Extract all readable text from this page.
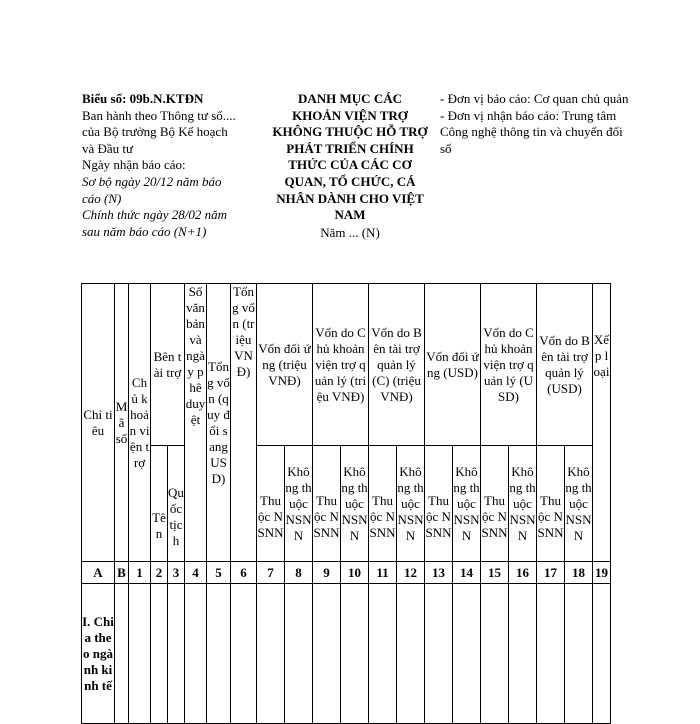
Biểu số: 09b.N.KTĐN
Ban hành theo Thông tư số....
của Bộ trưởng Bộ Kế hoạch
và Đầu tư
Ngày nhận báo cáo:
Sơ bộ ngày 20/12 năm báo
cáo (N)
Chính thức ngày 28/02 năm
sau năm báo cáo (N+1)
DANH MỤC CÁC
KHOẢN VIỆN TRỢ
KHÔNG THUỘC HỖ TRỢ
PHÁT TRIỂN CHÍNH
THỨC CỦA CÁC CƠ
QUAN, TỔ CHỨC, CÁ
NHÂN DÀNH CHO VIỆT
NAM
Năm ... (N)
- Đơn vị báo cáo: Cơ quan chủ quản
- Đơn vị nhận báo cáo: Trung tâm Công nghệ thông tin và chuyển đổi số
Chỉ tiêu	Mã số	Chủ khoản viện trợ	Bên tài trợ		Số văn bản và ngày phê duyệt	Tổng vốn (quy đổi sang USD)	Tổng vốn (triệu VNĐ)	Vốn đối ứng (triệu VNĐ)		Vốn do Chủ khoản viện trợ quản lý (triệu VNĐ)		Vốn do Bên tài trợ quản lý (C) (triệu VNĐ)		Vốn đối ứng (USD)		Vốn do Chủ khoản viện trợ quản lý (USD)		Vốn do Bên tài trợ quản lý (USD)		Xếp loại
			Tên	Quốc tịch				Thuộc NSNN	Không thuộc NSNN	Thuộc NSNN	Không thuộc NSNN	Thuộc NSNN	Không thuộc NSNN	Thuộc NSNN	Không thuộc NSNN	Thuộc NSNN	Không thuộc NSNN	Thuộc NSNN	Không thuộc NSNN	
A	B	1	2	3	4	5	6	7	8	9	10	11	12	13	14	15	16	17	18	19
I. Chia theo ngành kinh tế																				
